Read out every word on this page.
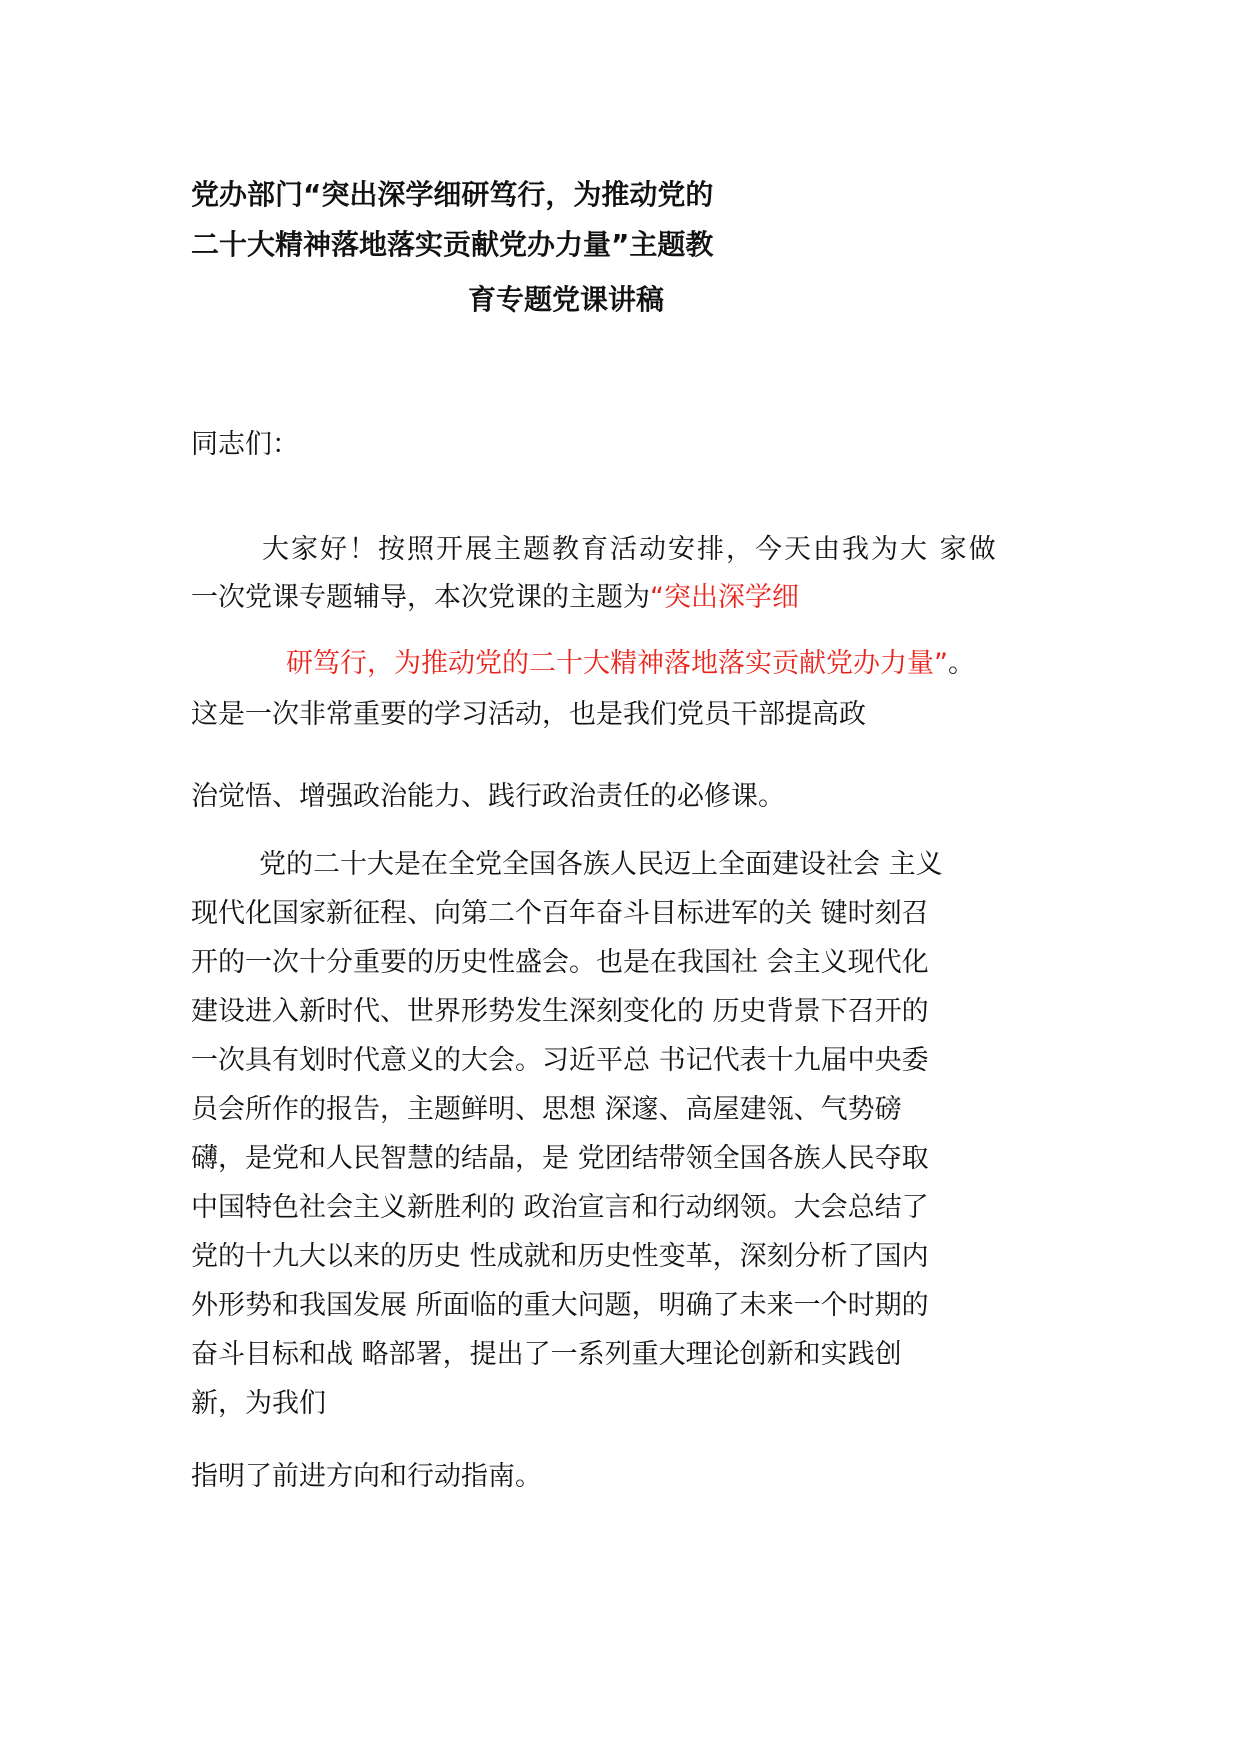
党办部门“突出深学细研笃行，为推动党的
二十大精神落地落实贡献党办力量”主题教
育专题党课讲稿
同志们：
大家好！按照开展主题教育活动安排，今天由我为大 家做
一次党课专题辅导，本次党课的主题为“突出深学细
研笃行，为推动党的二十大精神落地落实贡献党办力量”。
这是一次非常重要的学习活动，也是我们党员干部提高政
治觉悟、增强政治能力、践行政治责任的必修课。
党的二十大是在全党全国各族人民迈上全面建设社会 主义
现代化国家新征程、向第二个百年奋斗目标进军的关 键时刻召
开的一次十分重要的历史性盛会。也是在我国社 会主义现代化
建设进入新时代、世界形势发生深刻变化的 历史背景下召开的
一次具有划时代意义的大会。习近平总 书记代表十九届中央委
员会所作的报告，主题鲜明、思想 深邃、高屋建瓴、气势磅
礴，是党和人民智慧的结晶，是 党团结带领全国各族人民夺取
中国特色社会主义新胜利的 政治宣言和行动纲领。大会总结了
党的十九大以来的历史 性成就和历史性变革，深刻分析了国内
外形势和我国发展 所面临的重大问题，明确了未来一个时期的
奋斗目标和战 略部署，提出了一系列重大理论创新和实践创
新，为我们
指明了前进方向和行动指南。
